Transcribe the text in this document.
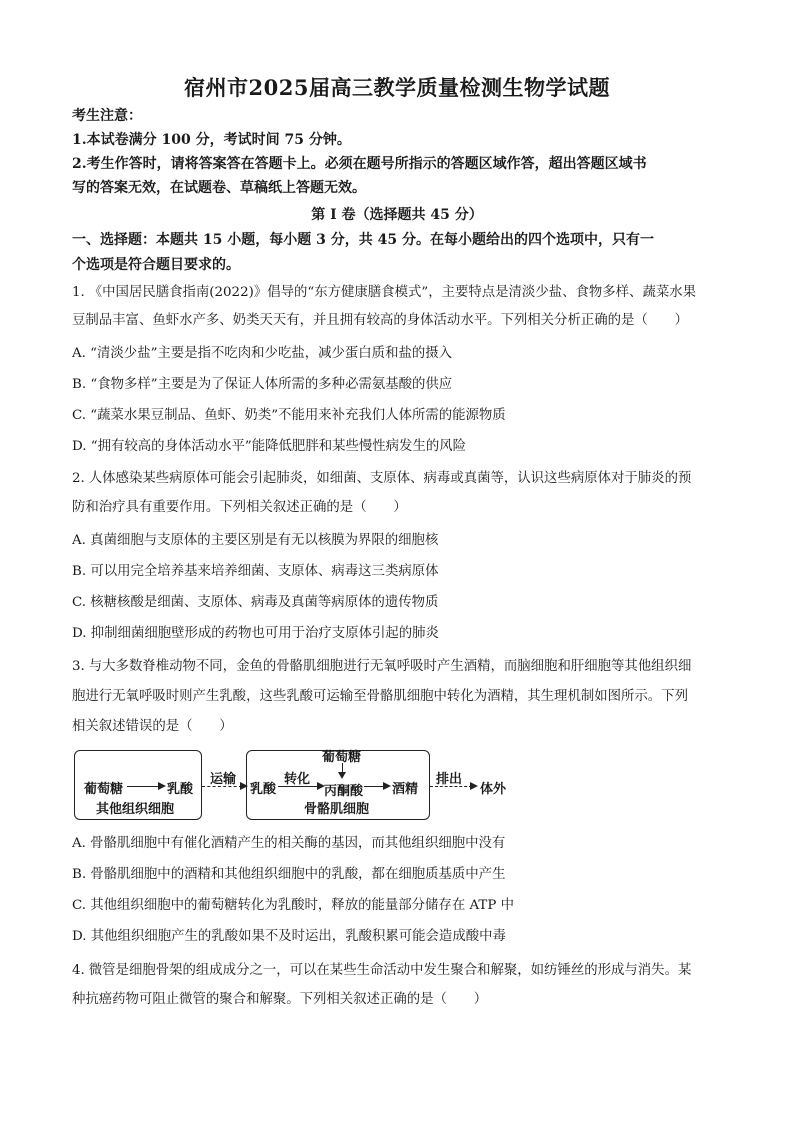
宿州市2025届高三教学质量检测生物学试题
考生注意：
1.本试卷满分 100 分，考试时间 75 分钟。
2.考生作答时，请将答案答在答题卡上。必须在题号所指示的答题区域作答，超出答题区域书
写的答案无效，在试题卷、草稿纸上答题无效。
第 I 卷（选择题共 45 分）
一、选择题：本题共 15 小题，每小题 3 分，共 45 分。在每小题给出的四个选项中，只有一
个选项是符合题目要求的。
1. 《中国居民膳食指南(2022)》倡导的“东方健康膳食模式”，主要特点是清淡少盐、食物多样、蔬菜水果
豆制品丰富、鱼虾水产多、奶类天天有，并且拥有较高的身体活动水平。下列相关分析正确的是（　　）
A. “清淡少盐”主要是指不吃肉和少吃盐，减少蛋白质和盐的摄入
B. “食物多样”主要是为了保证人体所需的多种必需氨基酸的供应
C. “蔬菜水果豆制品、鱼虾、奶类”不能用来补充我们人体所需的能源物质
D. “拥有较高的身体活动水平”能降低肥胖和某些慢性病发生的风险
2. 人体感染某些病原体可能会引起肺炎，如细菌、支原体、病毒或真菌等，认识这些病原体对于肺炎的预
防和治疗具有重要作用。下列相关叙述正确的是（　　）
A. 真菌细胞与支原体的主要区别是有无以核膜为界限的细胞核
B. 可以用完全培养基来培养细菌、支原体、病毒这三类病原体
C. 核糖核酸是细菌、支原体、病毒及真菌等病原体的遗传物质
D. 抑制细菌细胞壁形成的药物也可用于治疗支原体引起的肺炎
3. 与大多数脊椎动物不同，金鱼的骨骼肌细胞进行无氧呼吸时产生酒精，而脑细胞和肝细胞等其他组织细
胞进行无氧呼吸时则产生乳酸，这些乳酸可运输至骨骼肌细胞中转化为酒精，其生理机制如图所示。下列
相关叙述错误的是（　　）
葡萄糖	乳酸
其他组织细胞
运输
乳酸
转化
葡萄糖
丙酮酸 酒精
骨骼肌细胞
排出
体外
A. 骨骼肌细胞中有催化酒精产生的相关酶的基因，而其他组织细胞中没有
B. 骨骼肌细胞中的酒精和其他组织细胞中的乳酸，都在细胞质基质中产生
C. 其他组织细胞中的葡萄糖转化为乳酸时，释放的能量部分储存在 ATP 中
D. 其他组织细胞产生的乳酸如果不及时运出，乳酸积累可能会造成酸中毒
4. 微管是细胞骨架的组成成分之一，可以在某些生命活动中发生聚合和解聚，如纺锤丝的形成与消失。某
种抗癌药物可阻止微管的聚合和解聚。下列相关叙述正确的是（　　）
